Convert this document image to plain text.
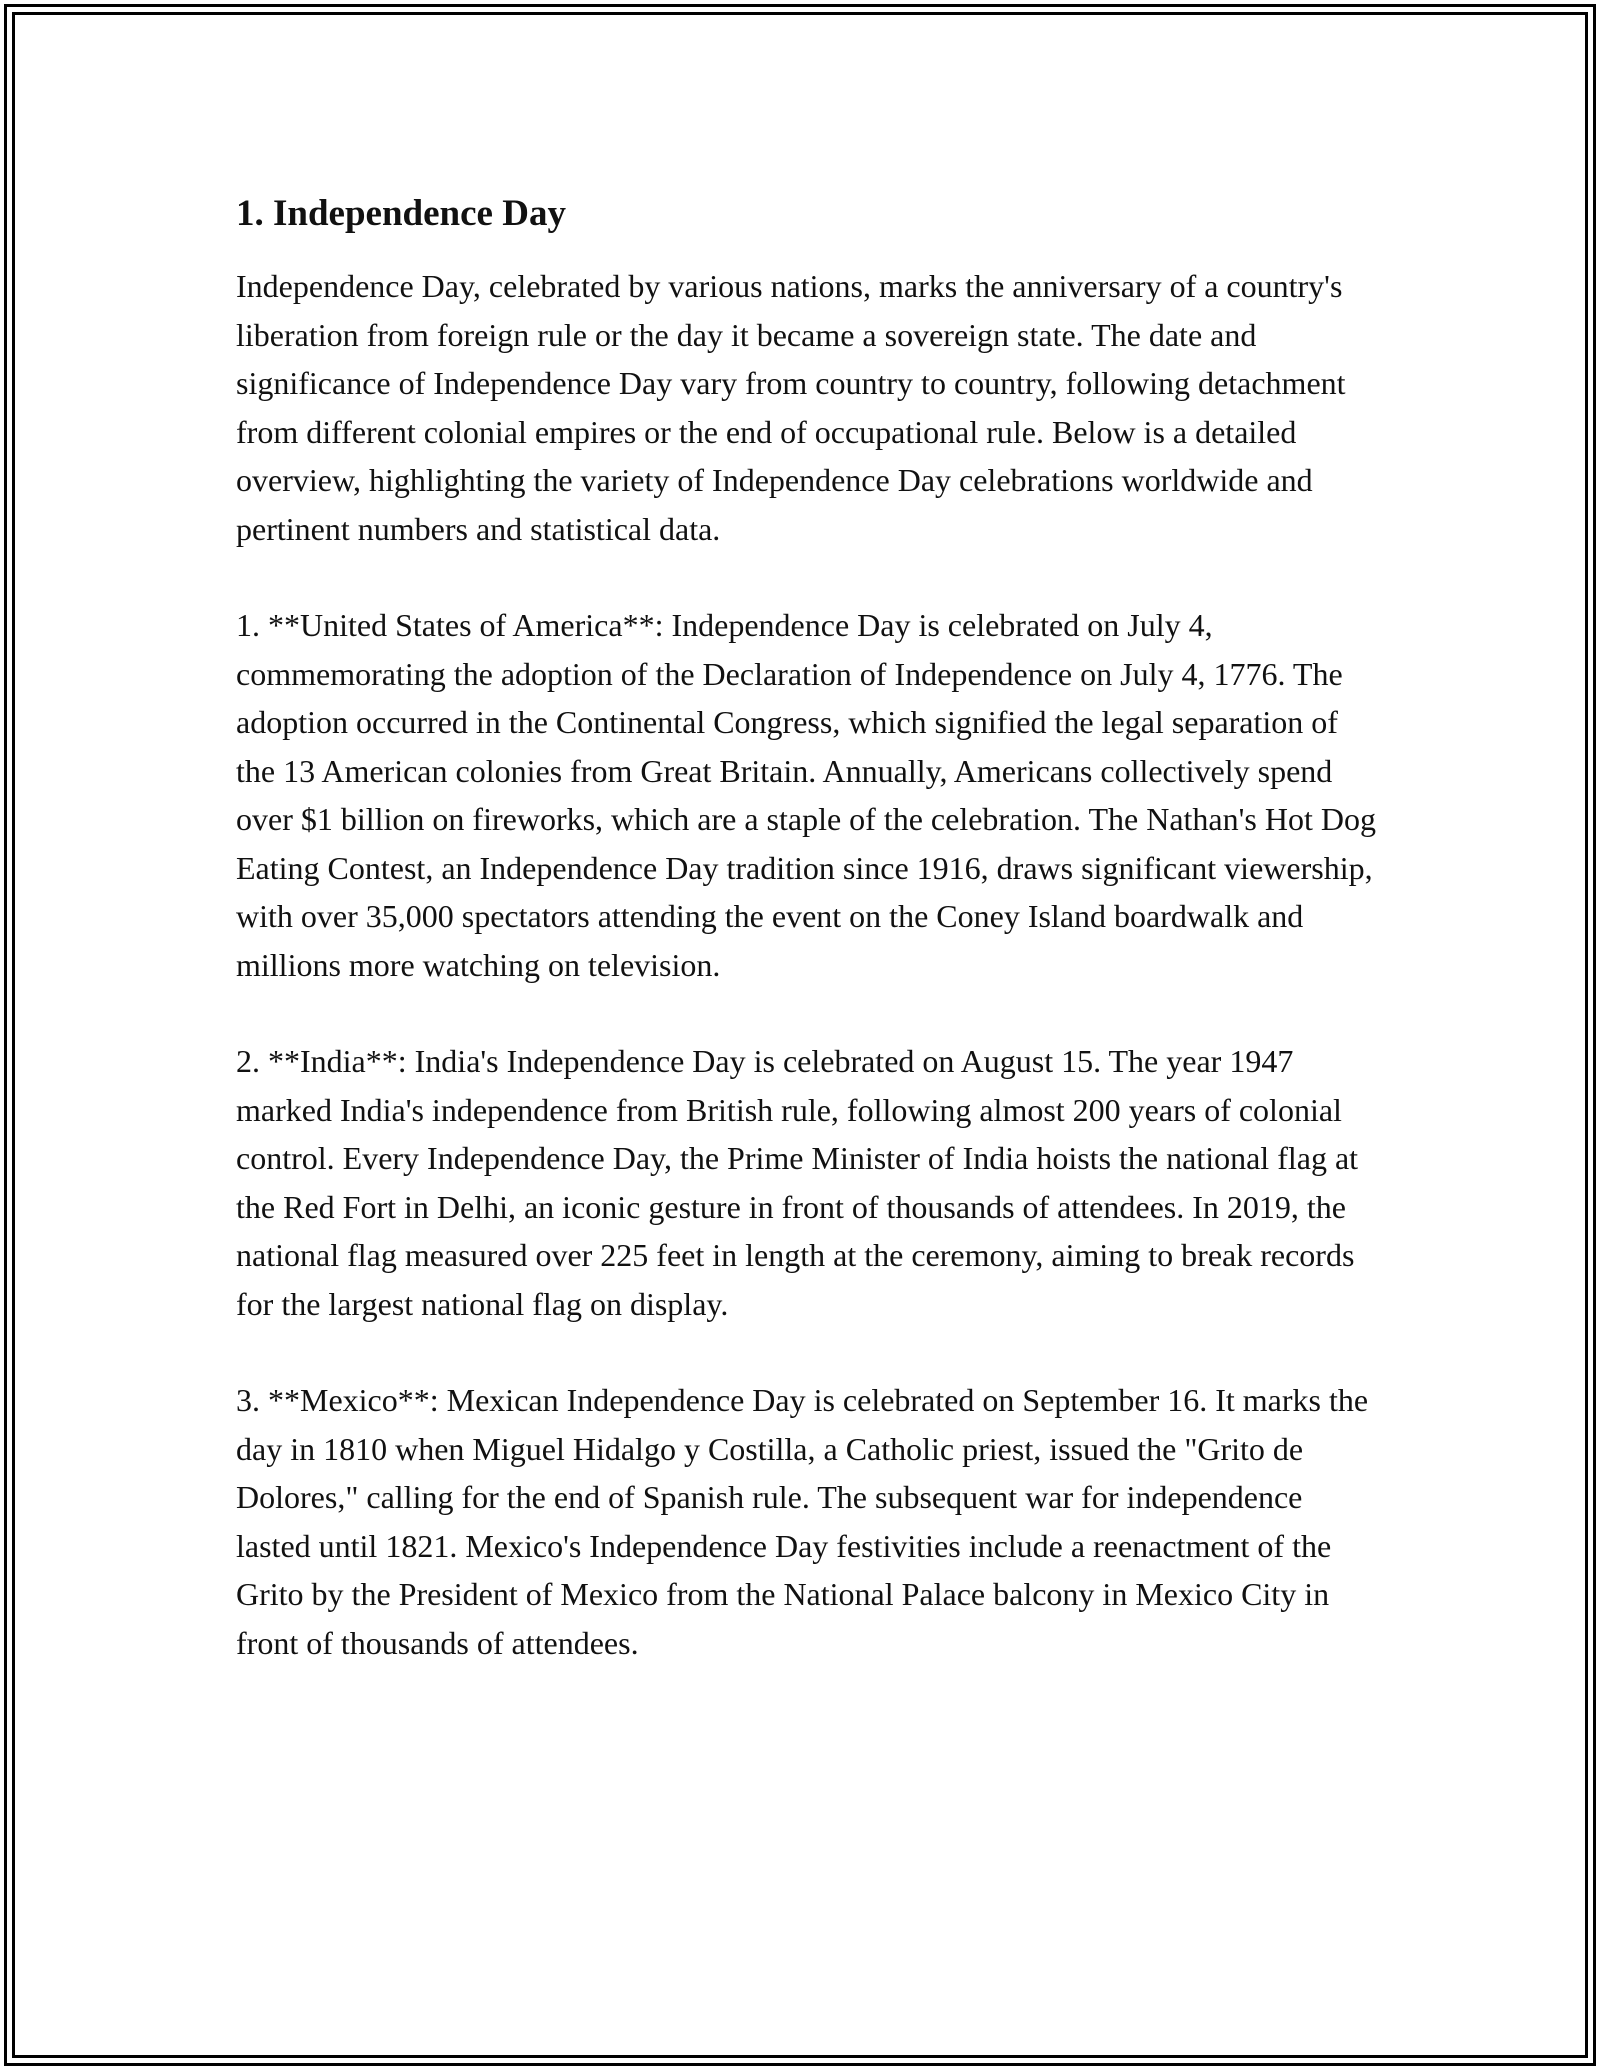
1. Independence Day

Independence Day, celebrated by various nations, marks the anniversary of a country's liberation from foreign rule or the day it became a sovereign state. The date and significance of Independence Day vary from country to country, following detachment from different colonial empires or the end of occupational rule. Below is a detailed overview, highlighting the variety of Independence Day celebrations worldwide and pertinent numbers and statistical data.

1. **United States of America**: Independence Day is celebrated on July 4, commemorating the adoption of the Declaration of Independence on July 4, 1776. The adoption occurred in the Continental Congress, which signified the legal separation of the 13 American colonies from Great Britain. Annually, Americans collectively spend over $1 billion on fireworks, which are a staple of the celebration. The Nathan's Hot Dog Eating Contest, an Independence Day tradition since 1916, draws significant viewership, with over 35,000 spectators attending the event on the Coney Island boardwalk and millions more watching on television.

2. **India**: India's Independence Day is celebrated on August 15. The year 1947 marked India's independence from British rule, following almost 200 years of colonial control. Every Independence Day, the Prime Minister of India hoists the national flag at the Red Fort in Delhi, an iconic gesture in front of thousands of attendees. In 2019, the national flag measured over 225 feet in length at the ceremony, aiming to break records for the largest national flag on display.

3. **Mexico**: Mexican Independence Day is celebrated on September 16. It marks the day in 1810 when Miguel Hidalgo y Costilla, a Catholic priest, issued the "Grito de Dolores," calling for the end of Spanish rule. The subsequent war for independence lasted until 1821. Mexico's Independence Day festivities include a reenactment of the Grito by the President of Mexico from the National Palace balcony in Mexico City in front of thousands of attendees.
